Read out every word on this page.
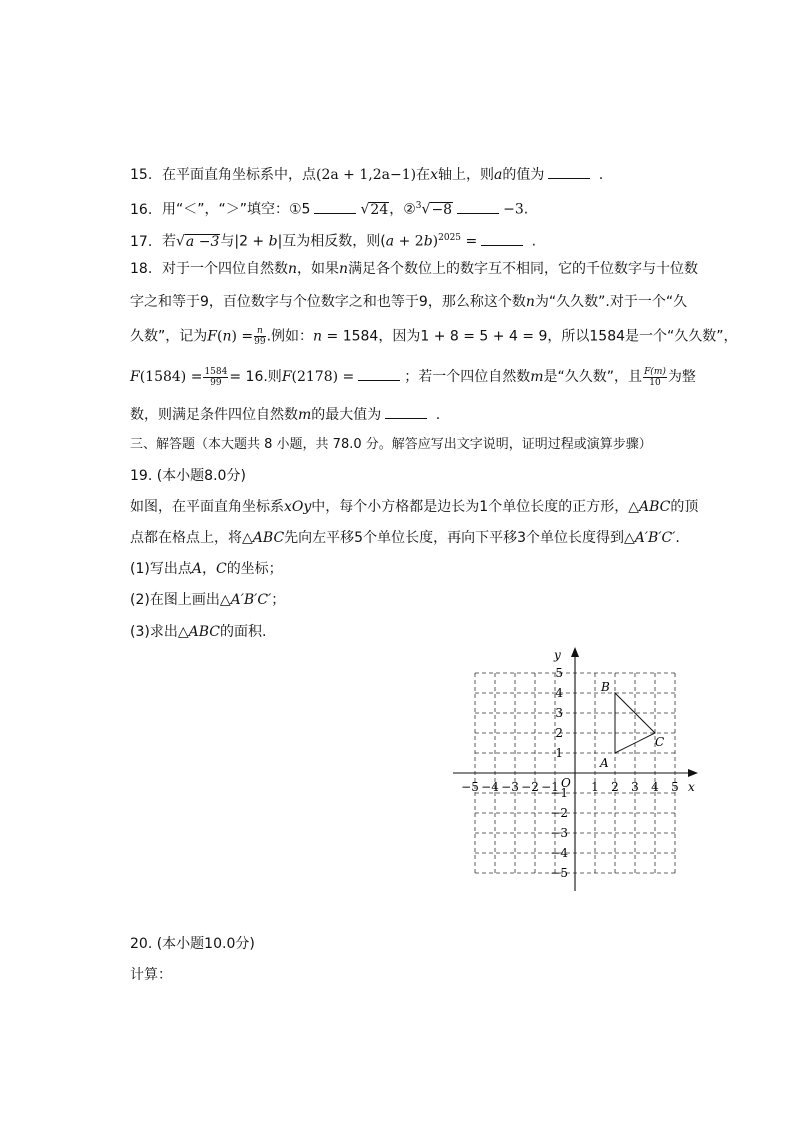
15. 在平面直角坐标系中，点(2a + 1,2a−1)在x轴上，则a的值为	.
16. 用“＜”，“＞”填空：①5	√24，②$^3$√−8	−3.
17. 若√a −3与|2 + b|互为相反数，则$(a + 2b)^{2025}$ =	.
18. 对于一个四位自然数n，如果n满足各个数位上的数字互不相同，它的千位数字与十位数
字之和等于9，百位数字与个位数字之和也等于9，那么称这个数n为“久久数”.对于一个“久
久数”，记为$F(n) = \frac{n}{99}$ .例如：n = 1584，因为1 + 8 = 5 + 4 = 9，所以1584是一个“久久数”，
$F(1584) = \frac{1584}{99} = 16$.则F(2178) =	；若一个四位自然数m是“久久数”，且 $\frac{F(m)}{10}$ 为整
数，则满足条件四位自然数m的最大值为	.
三、解答题（本大题共 8 小题，共 78.0 分。解答应写出文字说明，证明过程或演算步骤）
19. (本小题8.0分)
如图，在平面直角坐标系xOy中，每个小方格都是边长为1个单位长度的正方形，△ABC的顶
点都在格点上，将△ABC先向左平移5个单位长度，再向下平移3个单位长度得到△A′B′C′.
(1)写出点A，C的坐标；
(2)在图上画出△A′B′C′；
(3)求出△ABC的面积.
y
x
O
−5 −4 −3 −2 −1	1 2 3 4 5
5
4
3
2
1
−1
−2
−3
−4
−5
A
B
C
20. (本小题10.0分)
计算：
